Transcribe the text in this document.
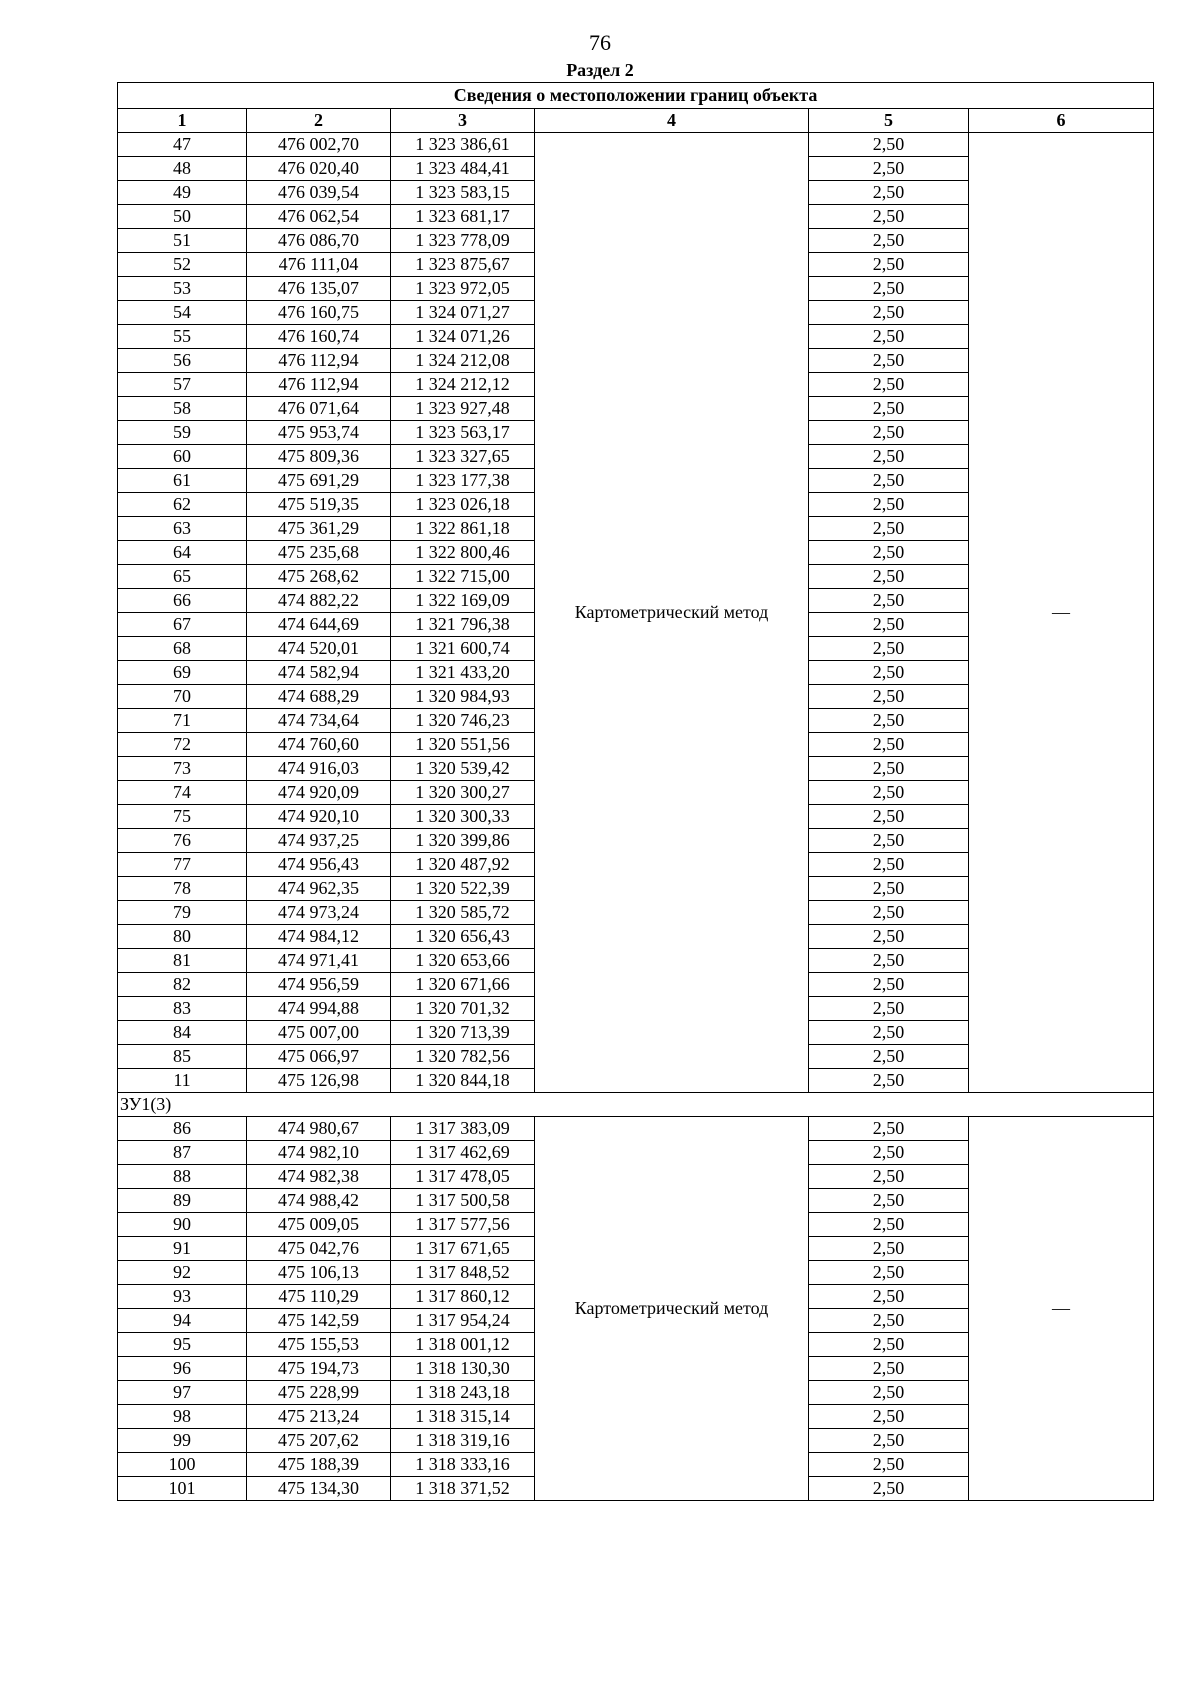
76
Раздел 2
Сведения о местоположении границ объекта					
1	2	3	4	5	6
47	476 002,70	1 323 386,61	Картометрический метод	2,50	—
48	476 020,40	1 323 484,41		2,50	
49	476 039,54	1 323 583,15		2,50	
50	476 062,54	1 323 681,17		2,50	
51	476 086,70	1 323 778,09		2,50	
52	476 111,04	1 323 875,67		2,50	
53	476 135,07	1 323 972,05		2,50	
54	476 160,75	1 324 071,27		2,50	
55	476 160,74	1 324 071,26		2,50	
56	476 112,94	1 324 212,08		2,50	
57	476 112,94	1 324 212,12		2,50	
58	476 071,64	1 323 927,48		2,50	
59	475 953,74	1 323 563,17		2,50	
60	475 809,36	1 323 327,65		2,50	
61	475 691,29	1 323 177,38		2,50	
62	475 519,35	1 323 026,18		2,50	
63	475 361,29	1 322 861,18		2,50	
64	475 235,68	1 322 800,46		2,50	
65	475 268,62	1 322 715,00		2,50	
66	474 882,22	1 322 169,09		2,50	
67	474 644,69	1 321 796,38		2,50	
68	474 520,01	1 321 600,74		2,50	
69	474 582,94	1 321 433,20		2,50	
70	474 688,29	1 320 984,93		2,50	
71	474 734,64	1 320 746,23		2,50	
72	474 760,60	1 320 551,56		2,50	
73	474 916,03	1 320 539,42		2,50	
74	474 920,09	1 320 300,27		2,50	
75	474 920,10	1 320 300,33		2,50	
76	474 937,25	1 320 399,86		2,50	
77	474 956,43	1 320 487,92		2,50	
78	474 962,35	1 320 522,39		2,50	
79	474 973,24	1 320 585,72		2,50	
80	474 984,12	1 320 656,43		2,50	
81	474 971,41	1 320 653,66		2,50	
82	474 956,59	1 320 671,66		2,50	
83	474 994,88	1 320 701,32		2,50	
84	475 007,00	1 320 713,39		2,50	
85	475 066,97	1 320 782,56		2,50	
11	475 126,98	1 320 844,18		2,50	
ЗУ1(3)					
86	474 980,67	1 317 383,09	Картометрический метод	2,50	—
87	474 982,10	1 317 462,69		2,50	
88	474 982,38	1 317 478,05		2,50	
89	474 988,42	1 317 500,58		2,50	
90	475 009,05	1 317 577,56		2,50	
91	475 042,76	1 317 671,65		2,50	
92	475 106,13	1 317 848,52		2,50	
93	475 110,29	1 317 860,12		2,50	
94	475 142,59	1 317 954,24		2,50	
95	475 155,53	1 318 001,12		2,50	
96	475 194,73	1 318 130,30		2,50	
97	475 228,99	1 318 243,18		2,50	
98	475 213,24	1 318 315,14		2,50	
99	475 207,62	1 318 319,16		2,50	
100	475 188,39	1 318 333,16		2,50	
101	475 134,30	1 318 371,52		2,50	
